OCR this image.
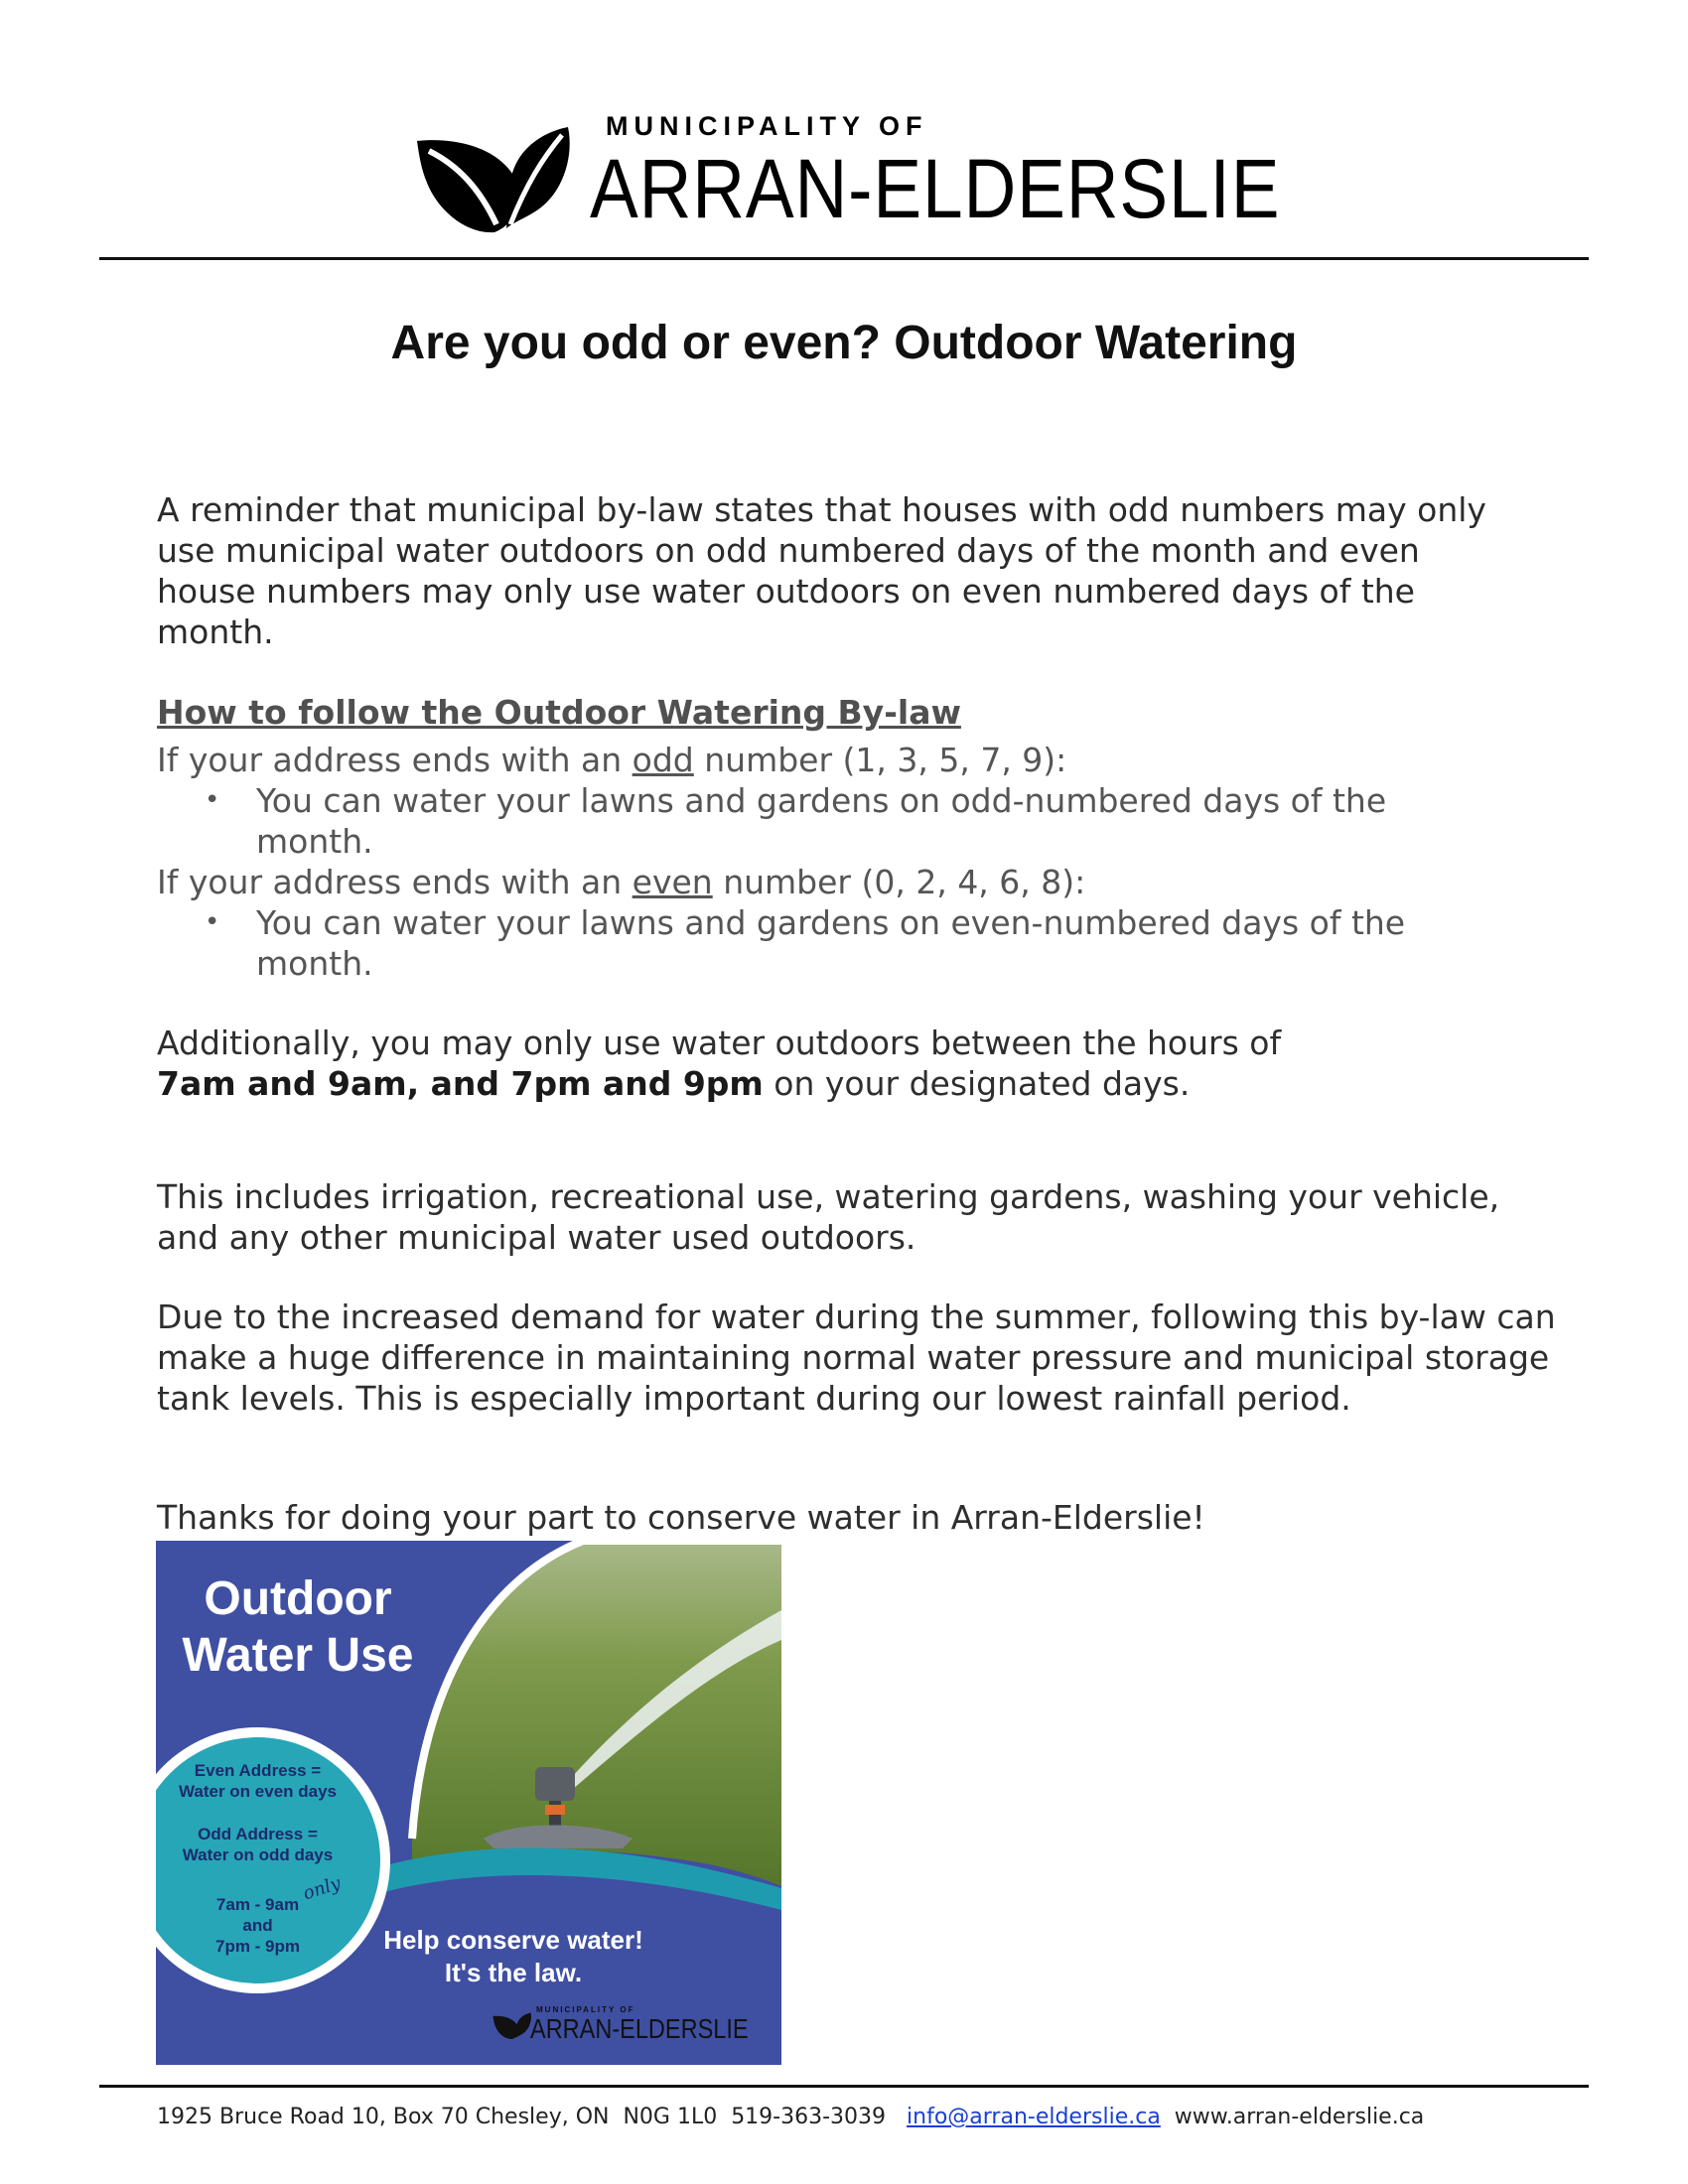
MUNICIPALITY OF
ARRAN-ELDERSLIE
Are you odd or even? Outdoor Watering

A reminder that municipal by-law states that houses with odd numbers may only use municipal water outdoors on odd numbered days of the month and even house numbers may only use water outdoors on even numbered days of the month.

How to follow the Outdoor Watering By-law

If your address ends with an odd number (1, 3, 5, 7, 9):

• You can water your lawns and gardens on odd-numbered days of the month.

If your address ends with an even number (0, 2, 4, 6, 8):

• You can water your lawns and gardens on even-numbered days of the month.

Additionally, you may only use water outdoors between the hours of

7am and 9am, and 7pm and 9pm on your designated days.

This includes irrigation, recreational use, watering gardens, washing your vehicle, and any other municipal water used outdoors.

Due to the increased demand for water during the summer, following this by-law can make a huge difference in maintaining normal water pressure and municipal storage tank levels. This is especially important during our lowest rainfall period.

Thanks for doing your part to conserve water in Arran-Elderslie!

Outdoor
Water Use
Even Address =
Water on even days
Odd Address =
Water on odd days
7am - 9am
and
7pm - 9pm
only
Help conserve water!
It's the law.
MUNICIPALITY OF
ARRAN-ELDERSLIE
1925 Bruce Road 10, Box 70 Chesley, ON  N0G 1L0  519-363-3039   info@arran-elderslie.ca  www.arran-elderslie.ca
